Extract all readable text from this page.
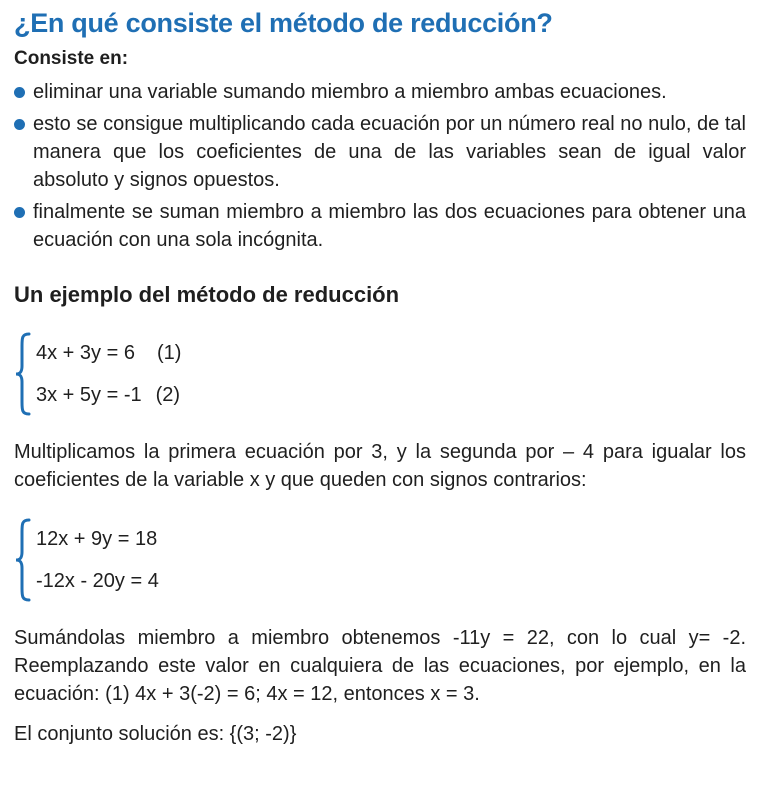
¿En qué consiste el método de reducción?
Consiste en:
eliminar una variable sumando miembro a miembro ambas ecuaciones.
esto se consigue multiplicando cada ecuación por un número real no nulo, de tal manera que los coeficientes de una de las variables sean de igual valor absoluto y signos opuestos.
finalmente se suman miembro a miembro las dos ecuaciones para obtener una ecuación con una sola incógnita.
Un ejemplo del método de reducción
4x + 3y = 6 (1)
3x + 5y = -1 (2)
Multiplicamos la primera ecuación por 3, y la segunda por – 4 para igualar los coeficientes de la variable x y que queden con signos contrarios:
12x + 9y = 18
-12x - 20y = 4
Sumándolas miembro a miembro obtenemos -11y = 22, con lo cual y= -2. Reemplazando este valor en cualquiera de las ecuaciones, por ejemplo, en la ecuación: (1) 4x + 3(-2) = 6; 4x = 12, entonces x = 3.
El conjunto solución es: {(3; -2)}
